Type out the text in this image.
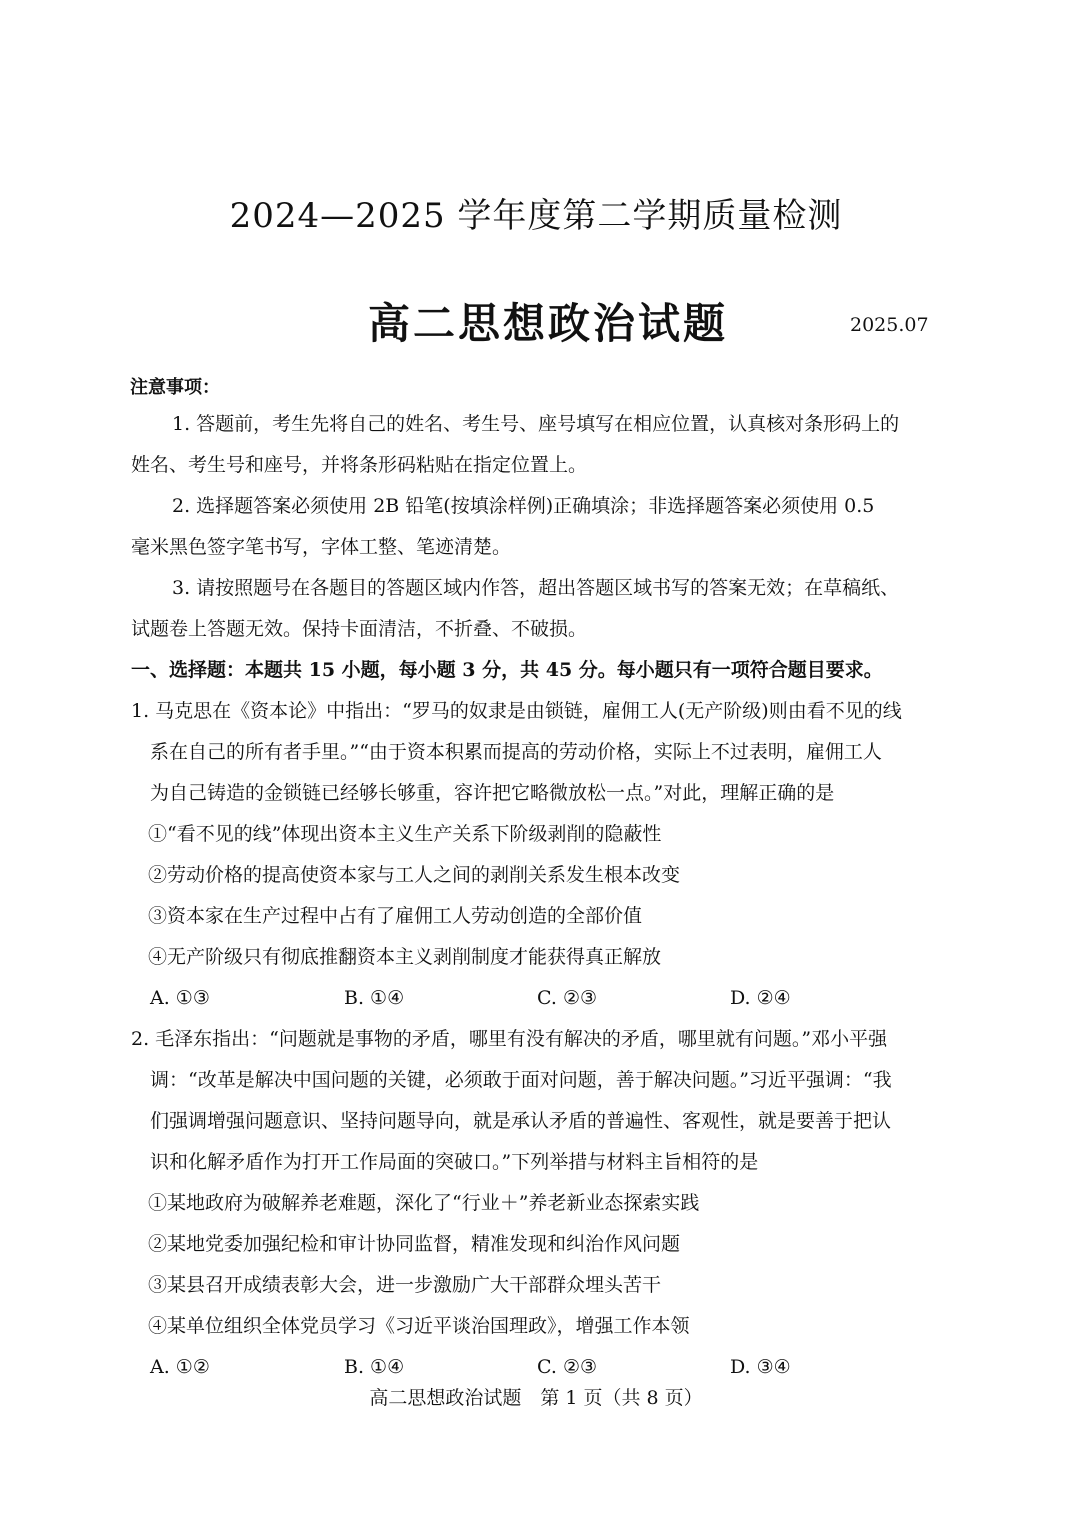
2024—2025 学年度第二学期质量检测
高二思想政治试题	2025.07
注意事项：
1. 答题前，考生先将自己的姓名、考生号、座号填写在相应位置，认真核对条形码上的
姓名、考生号和座号，并将条形码粘贴在指定位置上。
2. 选择题答案必须使用 2B 铅笔(按填涂样例)正确填涂；非选择题答案必须使用 0.5
毫米黑色签字笔书写，字体工整、笔迹清楚。
3. 请按照题号在各题目的答题区域内作答，超出答题区域书写的答案无效；在草稿纸、
试题卷上答题无效。保持卡面清洁，不折叠、不破损。
一、选择题：本题共 15 小题，每小题 3 分，共 45 分。每小题只有一项符合题目要求。
1. 马克思在《资本论》中指出：“罗马的奴隶是由锁链，雇佣工人(无产阶级)则由看不见的线
系在自己的所有者手里。”“由于资本积累而提高的劳动价格，实际上不过表明，雇佣工人
为自己铸造的金锁链已经够长够重，容许把它略微放松一点。”对此，理解正确的是
①“看不见的线”体现出资本主义生产关系下阶级剥削的隐蔽性
②劳动价格的提高使资本家与工人之间的剥削关系发生根本改变
③资本家在生产过程中占有了雇佣工人劳动创造的全部价值
④无产阶级只有彻底推翻资本主义剥削制度才能获得真正解放
A. ①③	B. ①④	C. ②③	D. ②④
2. 毛泽东指出：“问题就是事物的矛盾，哪里有没有解决的矛盾，哪里就有问题。”邓小平强
调：“改革是解决中国问题的关键，必须敢于面对问题，善于解决问题。”习近平强调：“我
们强调增强问题意识、坚持问题导向，就是承认矛盾的普遍性、客观性，就是要善于把认
识和化解矛盾作为打开工作局面的突破口。”下列举措与材料主旨相符的是
①某地政府为破解养老难题，深化了“行业＋”养老新业态探索实践
②某地党委加强纪检和审计协同监督，精准发现和纠治作风问题
③某县召开成绩表彰大会，进一步激励广大干部群众埋头苦干
④某单位组织全体党员学习《习近平谈治国理政》，增强工作本领
A. ①②	B. ①④	C. ②③	D. ③④
高二思想政治试题　第 1 页（共 8 页）
